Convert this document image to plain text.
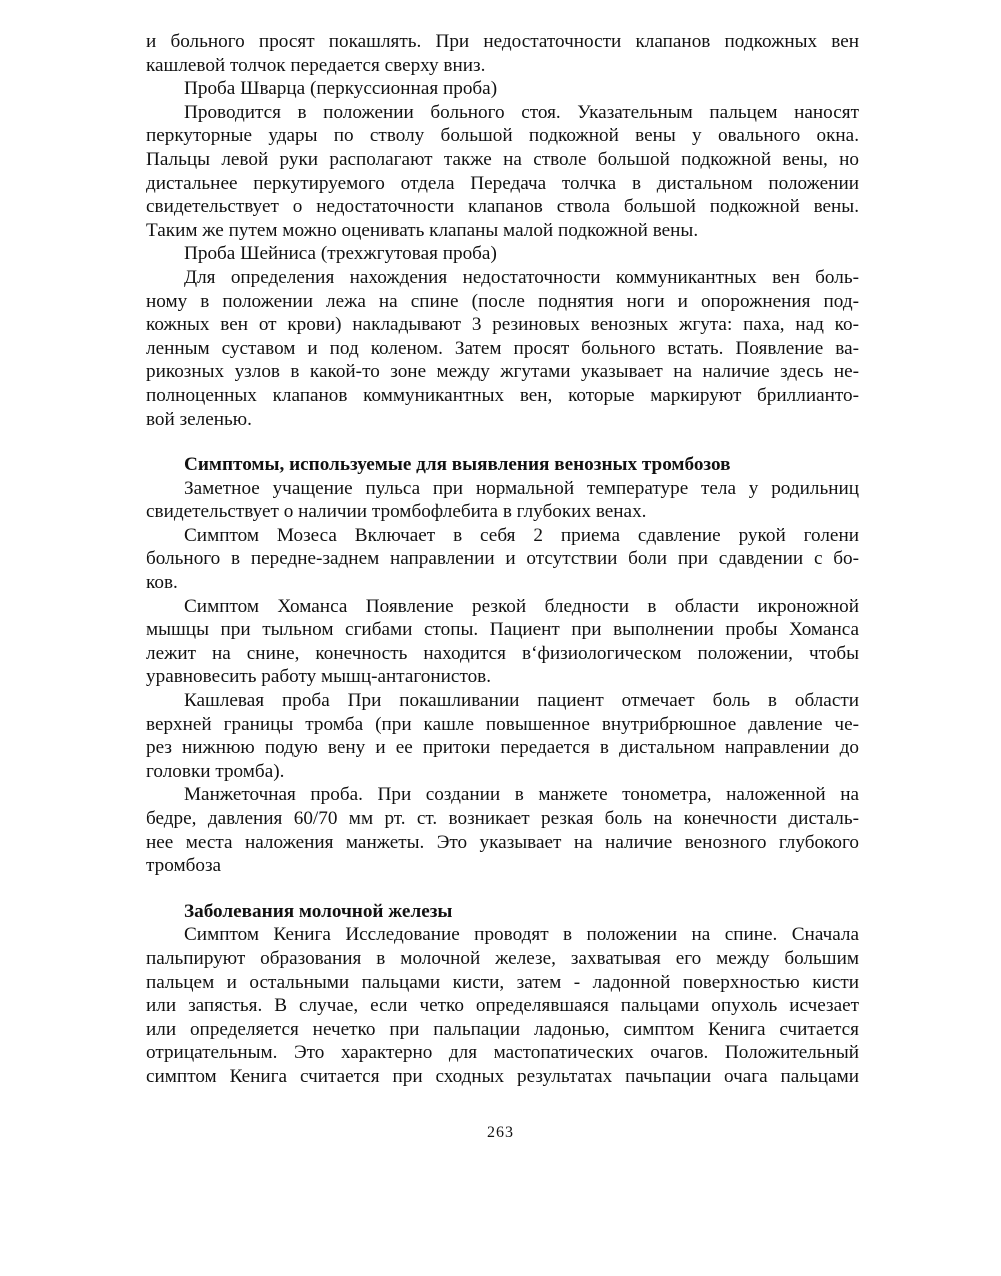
и больного просят покашлять. При недостаточности клапанов подкожных вен
кашлевой толчок передается сверху вниз.
Проба Шварца (перкуссионная проба)
Проводится в положении больного стоя. Указательным пальцем наносят
перкуторные удары по стволу большой подкожной вены у овального окна.
Пальцы левой руки располагают также на стволе большой подкожной вены, но
дистальнее перкутируемого отдела Передача толчка в дистальном положении
свидетельствует о недостаточности клапанов ствола большой подкожной вены.
Таким же путем можно оценивать клапаны малой подкожной вены.
Проба Шейниса (трехжгутовая проба)
Для определения нахождения недостаточности коммуникантных вен боль-
ному в положении лежа на спине (после поднятия ноги и опорожнения под-
кожных вен от крови) накладывают 3 резиновых венозных жгута: паха, над ко-
ленным суставом и под коленом. Затем просят больного встать. Появление ва-
рикозных узлов в какой-то зоне между жгутами указывает на наличие здесь не-
полноценных клапанов коммуникантных вен, которые маркируют бриллианто-
вой зеленью.
Симптомы, используемые для выявления венозных тромбозов
Заметное учащение пульса при нормальной температуре тела у родильниц
свидетельствует о наличии тромбофлебита в глубоких венах.
Симптом Мозеса Включает в себя 2 приема сдавление рукой голени
больного в передне-заднем направлении и отсутствии боли при сдавдении с бо-
ков.
Симптом Хоманса Появление резкой бледности в области икроножной
мышцы при тыльном сгибами стопы. Пациент при выполнении пробы Хоманса
лежит на снине, конечность находится в‘физиологическом положении, чтобы
уравновесить работу мышц-антагонистов.
Кашлевая проба При покашливании пациент отмечает боль в области
верхней границы тромба (при кашле повышенное внутрибрюшное давление че-
рез нижнюю подую вену и ее притоки передается в дистальном направлении до
головки тромба).
Манжеточная проба. При создании в манжете тонометра, наложенной на
бедре, давления 60/70 мм рт. ст. возникает резкая боль на конечности дисталь-
нее места наложения манжеты. Это указывает на наличие венозного глубокого
тромбоза
Заболевания молочной железы
Симптом Кенига Исследование проводят в положении на спине. Сначала
пальпируют образования в молочной железе, захватывая его между большим
пальцем и остальными пальцами кисти, затем - ладонной поверхностью кисти
или запястья. В случае, если четко определявшаяся пальцами опухоль исчезает
или определяется нечетко при пальпации ладонью, симптом Кенига считается
отрицательным. Это характерно для мастопатических очагов. Положительный
симптом Кенига считается при сходных результатах пачьпации очага пальцами
263
